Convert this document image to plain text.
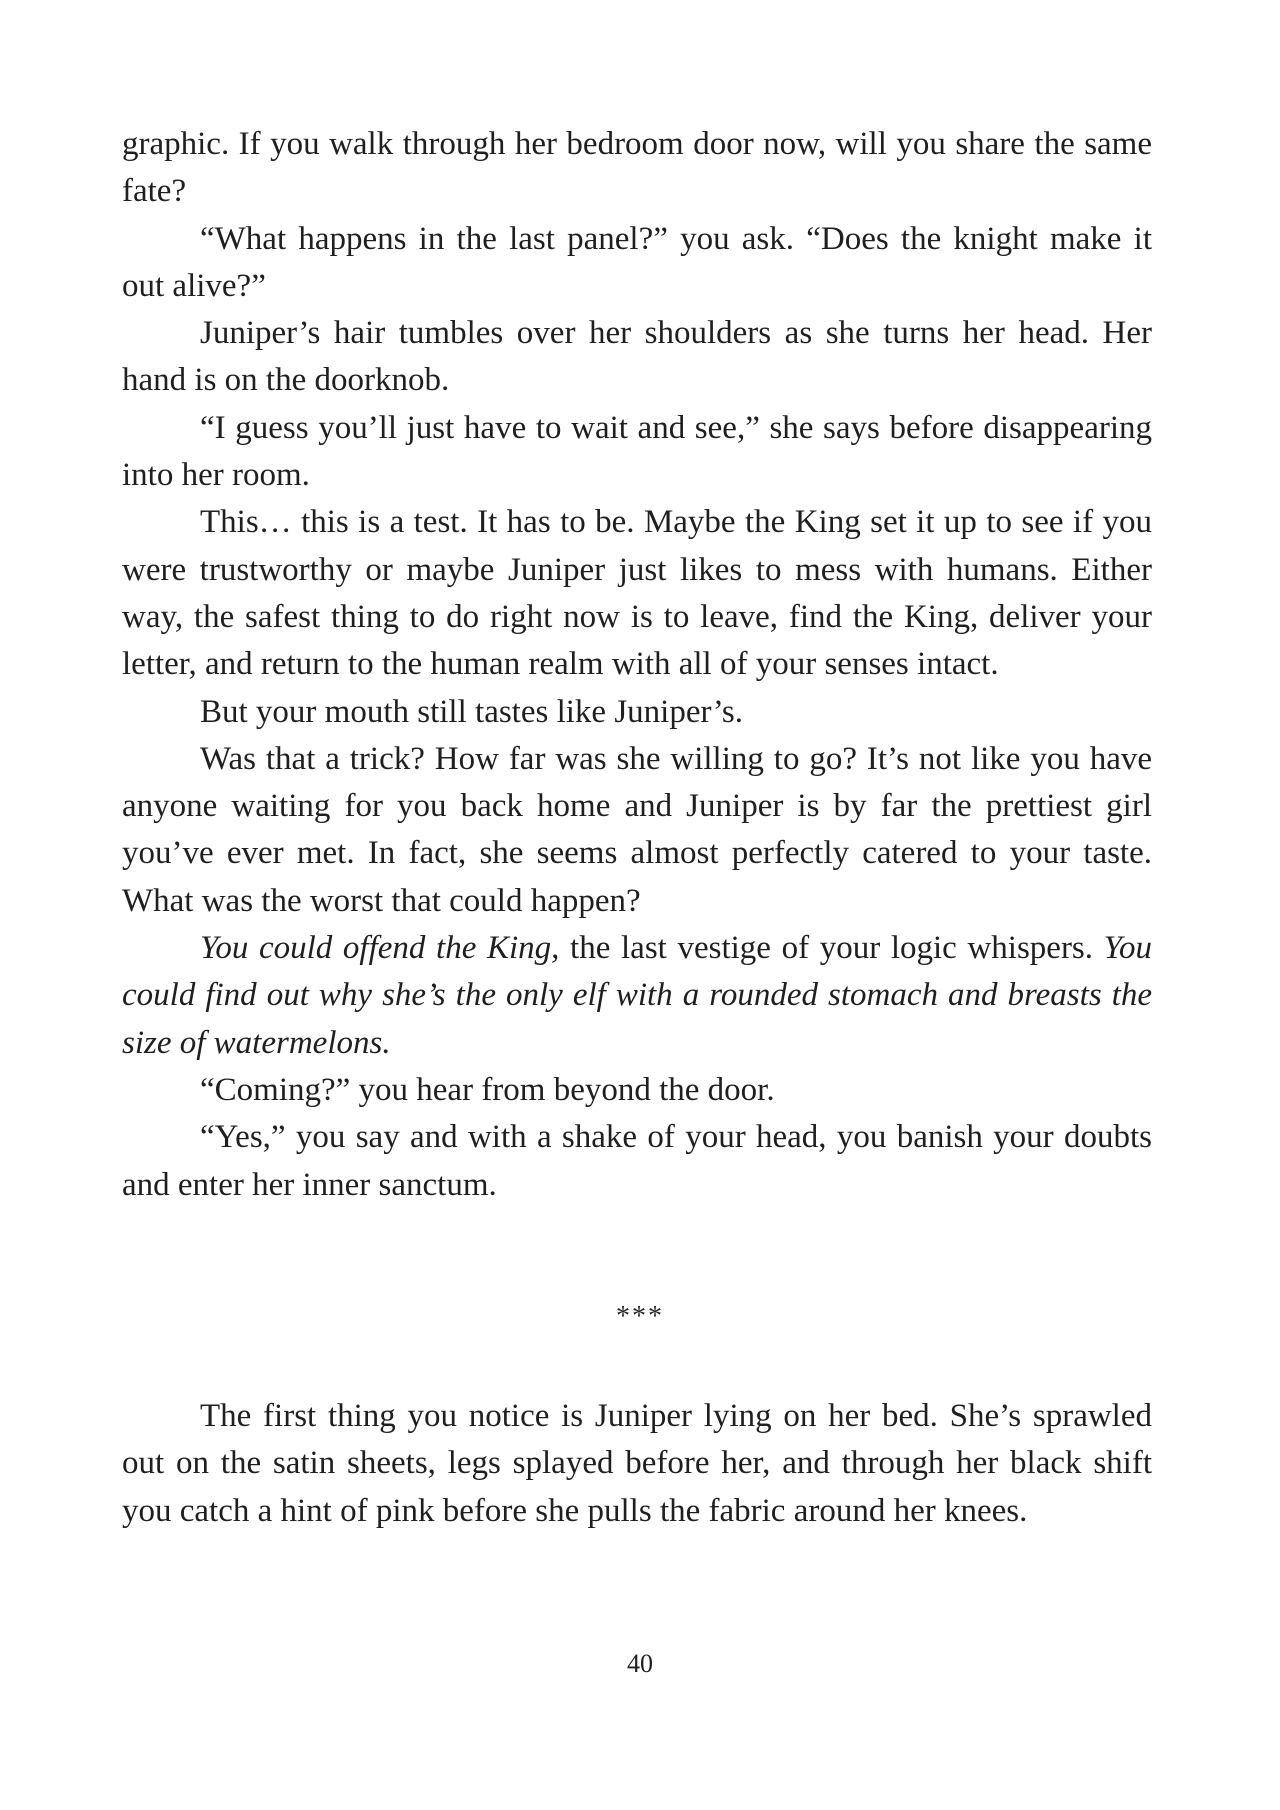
graphic. If you walk through her bedroom door now, will you share the same fate?

“What happens in the last panel?” you ask. “Does the knight make it out alive?”

Juniper’s hair tumbles over her shoulders as she turns her head. Her hand is on the doorknob.

“I guess you’ll just have to wait and see,” she says before disappearing into her room.

This… this is a test. It has to be. Maybe the King set it up to see if you were trustworthy or maybe Juniper just likes to mess with humans. Either way, the safest thing to do right now is to leave, find the King, deliver your letter, and return to the human realm with all of your senses intact.

But your mouth still tastes like Juniper’s.

Was that a trick? How far was she willing to go? It’s not like you have anyone waiting for you back home and Juniper is by far the prettiest girl you’ve ever met. In fact, she seems almost perfectly catered to your taste. What was the worst that could happen?

You could offend the King, the last vestige of your logic whispers. You could find out why she’s the only elf with a rounded stomach and breasts the size of watermelons.

“Coming?” you hear from beyond the door.

“Yes,” you say and with a shake of your head, you banish your doubts and enter her inner sanctum.

***

The first thing you notice is Juniper lying on her bed. She’s sprawled out on the satin sheets, legs splayed before her, and through her black shift you catch a hint of pink before she pulls the fabric around her knees.

40
